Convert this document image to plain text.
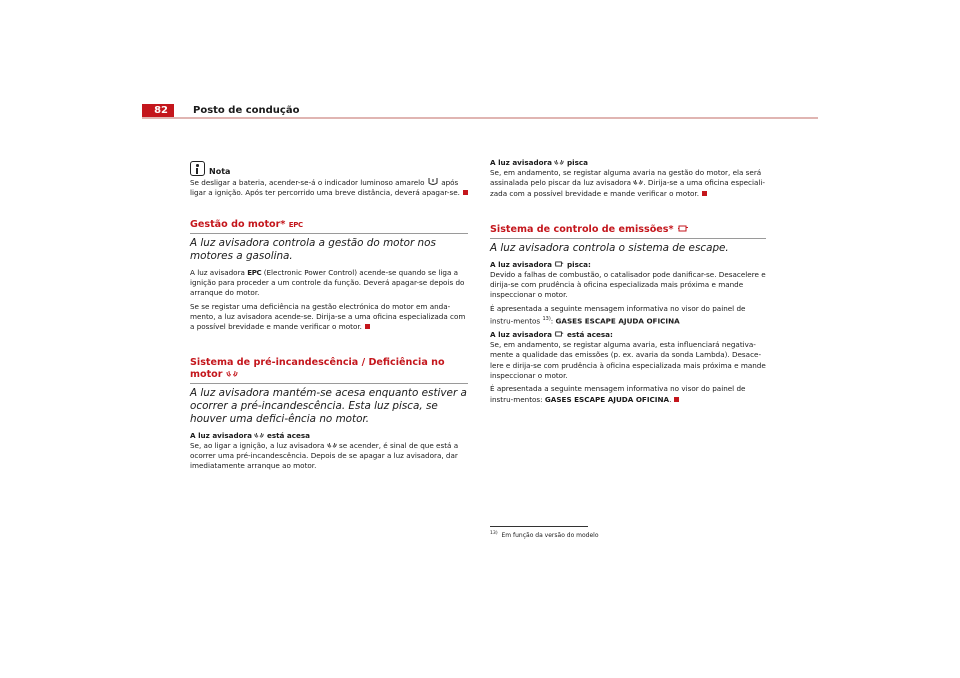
82	Posto de condução
Nota

Se desligar a bateria, acender-se-á o indicador luminoso amarelo após ligar a ignição. Após ter percorrido uma breve distância, deverá apagar-se.

Gestão do motor* EPC
A luz avisadora controla a gestão do motor nos motores a gasolina.

A luz avisadora EPC (Electronic Power Control) acende-se quando se liga a ignição para proceder a um controle da função. Deverá apagar-se depois do arranque do motor.

Se se registar uma deficiência na gestão electrónica do motor em anda-mento, a luz avisadora acende-se. Dirija-se a uma oficina especializada com a possível brevidade e mande verificar o motor.

Sistema de pré-incandescência / Deficiência no motor
A luz avisadora mantém-se acesa enquanto estiver a ocorrer a pré-incandescência. Esta luz pisca, se houver uma defici-ência no motor.
A luz avisadora está acesa

Se, ao ligar a ignição, a luz avisadora se acender, é sinal de que está a ocorrer uma pré-incandescência. Depois de se apagar a luz avisadora, dar imediatamente arranque ao motor.

A luz avisadora pisca

Se, em andamento, se registar alguma avaria na gestão do motor, ela será assinalada pelo piscar da luz avisadora . Dirija-se a uma oficina especiali-zada com a possível brevidade e mande verificar o motor.

Sistema de controlo de emissões*
A luz avisadora controla o sistema de escape.
A luz avisadora pisca:

Devido a falhas de combustão, o catalisador pode danificar-se. Desacelere e dirija-se com prudência à oficina especializada mais próxima e mande inspeccionar o motor.

É apresentada a seguinte mensagem informativa no visor do painel de instru-mentos $^{13)}$: GASES ESCAPE AJUDA OFICINA

A luz avisadora está acesa:

Se, em andamento, se registar alguma avaria, esta influenciará negativa-mente a qualidade das emissões (p. ex. avaria da sonda Lambda). Desace-lere e dirija-se com prudência à oficina especializada mais próxima e mande inspeccionar o motor.

É apresentada a seguinte mensagem informativa no visor do painel de instru-mentos: GASES ESCAPE AJUDA OFICINA.

$^{13)}$ Em função da versão do modelo
